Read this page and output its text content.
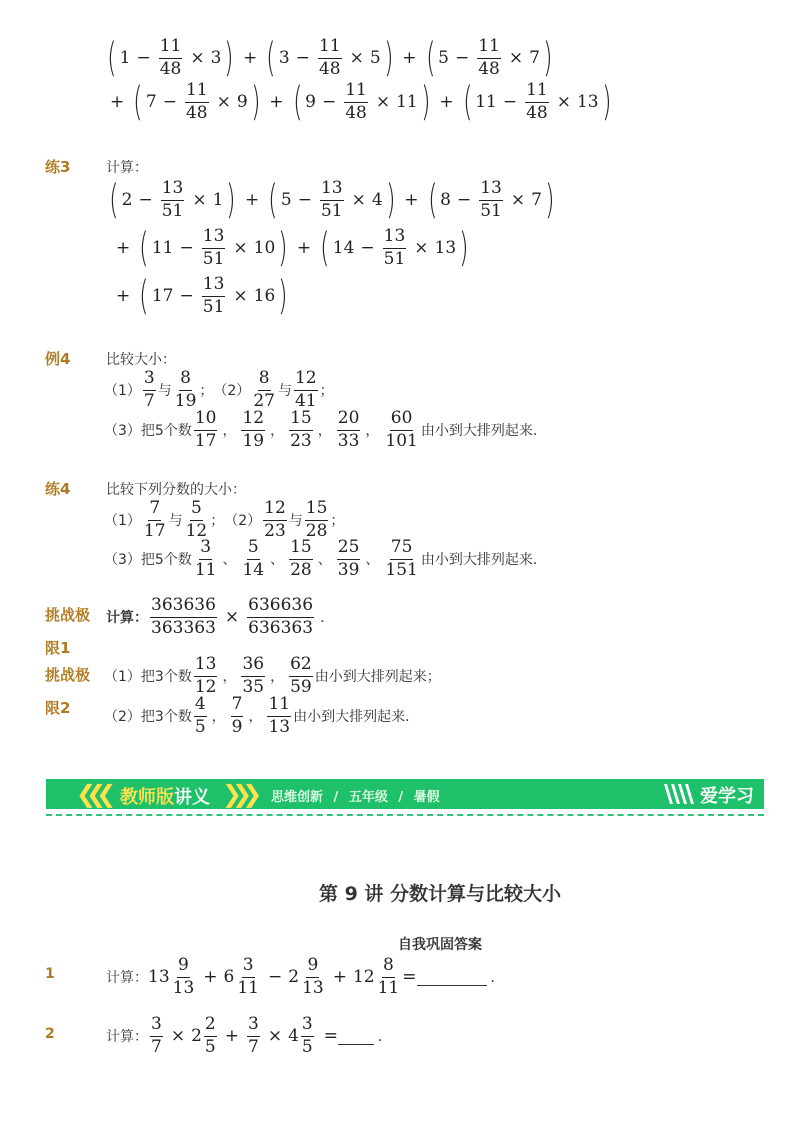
( $1 - \frac{11}{48} \times 3$ ) + ( $3 - \frac{11}{48} \times 5$ ) + ( $5 - \frac{11}{48} \times 7$ )
+ ( $7 - \frac{11}{48} \times 9$ ) + ( $9 - \frac{11}{48} \times 11$ ) + ( $11 - \frac{11}{48} \times 13$ )
练3	计算：
( $2 - \frac{13}{51} \times 1$ ) + ( $5 - \frac{13}{51} \times 4$ ) + ( $8 - \frac{13}{51} \times 7$ )
+ ( $11 - \frac{13}{51} \times 10$ ) + ( $14 - \frac{13}{51} \times 13$ )
+ ( $17 - \frac{13}{51} \times 16$ )
例4	比较大小：
$(1) \frac{3}{7}$ 与 $\frac{8}{19}$ ； $(2) \frac{8}{27}$ 与 $\frac{12}{41}$ ；
（3）把5个数 $\frac{10}{17}$ ， $\frac{12}{19}$ ， $\frac{15}{23}$ ， $\frac{20}{33}$ ， $\frac{60}{101}$ 由小到大排列起来．
练4	比较下列分数的大小：
$(1) \frac{7}{17}$ 与 $\frac{5}{12}$ ； $(2) \frac{12}{23}$ 与 $\frac{15}{28}$ ；
（3）把5个数 $\frac{3}{11}$ 、 $\frac{5}{14}$ 、 $\frac{15}{28}$ 、 $\frac{25}{39}$ 、 $\frac{75}{151}$ 由小到大排列起来．
挑战极
限1
计算： $\frac{363636}{363363} \times \frac{636636}{636363}$ ．
挑战极
限2
（1）把3个数 $\frac{13}{12}$ ， $\frac{36}{35}$ ， $\frac{62}{59}$ 由小到大排列起来；
（2）把3个数 $\frac{4}{5}$ ， $\frac{7}{9}$ ， $\frac{11}{13}$ 由小到大排列起来．
❮❮❮ 教师版讲义 ❯❯❯ 思维创新 / 五年级 / 暑假	爱学习
第 9 讲 分数计算与比较大小
自我巩固答案
1	计算： $13 \frac{9}{13} + 6 \frac{3}{11} - 2 \frac{9}{13} + 12 \frac{8}{11}$ =	．
2	计算： $\frac{3}{7} \times 2 \frac{2}{5} + \frac{3}{7} \times 4 \frac{3}{5}$ =	．
